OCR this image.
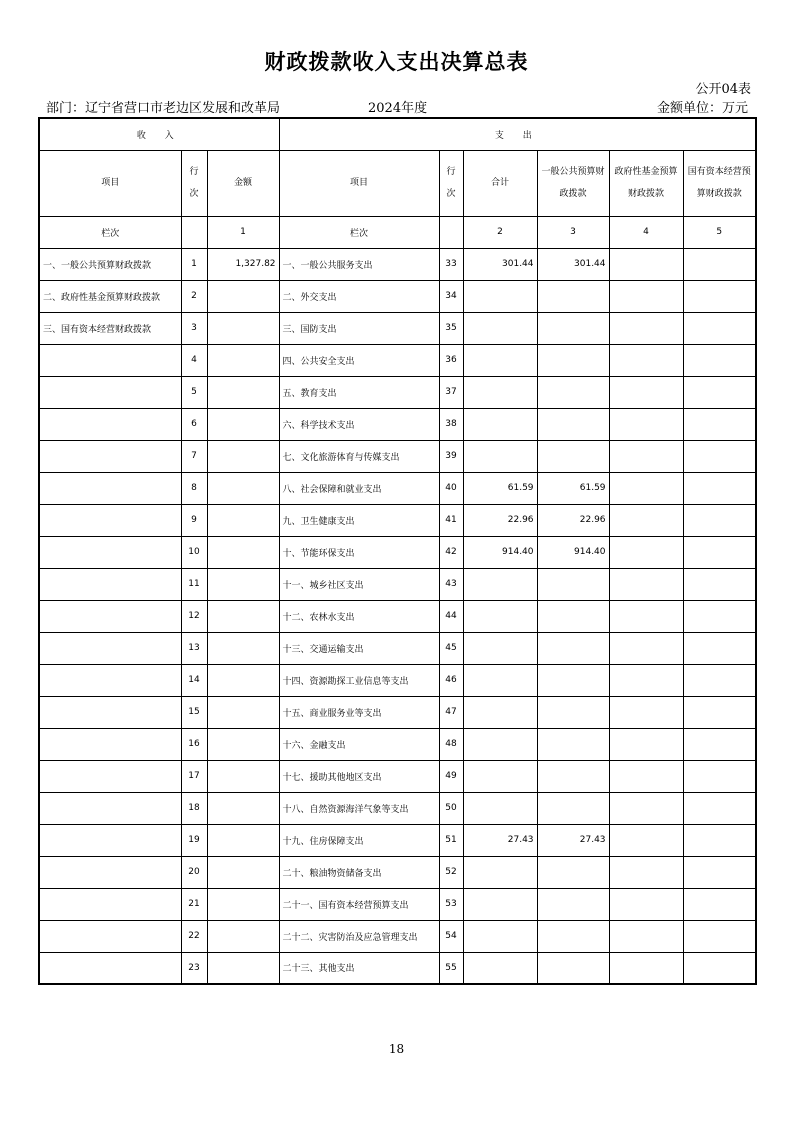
财政拨款收入支出决算总表
公开04表
部门：辽宁省营口市老边区发展和改革局	2024年度	金额单位：万元
收 入			支 出					
项目	行次	金额	项目	行次	合计	一般公共预算财政拨款	政府性基金预算财政拨款	国有资本经营预算财政拨款
栏次		1	栏次		2	3	4	5
一、一般公共预算财政拨款	1	1,327.82	一、一般公共服务支出	33	301.44	301.44		
二、政府性基金预算财政拨款	2		二、外交支出	34				
三、国有资本经营财政拨款	3		三、国防支出	35				
	4		四、公共安全支出	36				
	5		五、教育支出	37				
	6		六、科学技术支出	38				
	7		七、文化旅游体育与传媒支出	39				
	8		八、社会保障和就业支出	40	61.59	61.59		
	9		九、卫生健康支出	41	22.96	22.96		
	10		十、节能环保支出	42	914.40	914.40		
	11		十一、城乡社区支出	43				
	12		十二、农林水支出	44				
	13		十三、交通运输支出	45				
	14		十四、资源勘探工业信息等支出	46				
	15		十五、商业服务业等支出	47				
	16		十六、金融支出	48				
	17		十七、援助其他地区支出	49				
	18		十八、自然资源海洋气象等支出	50				
	19		十九、住房保障支出	51	27.43	27.43		
	20		二十、粮油物资储备支出	52				
	21		二十一、国有资本经营预算支出	53				
	22		二十二、灾害防治及应急管理支出	54				
	23		二十三、其他支出	55				
18
